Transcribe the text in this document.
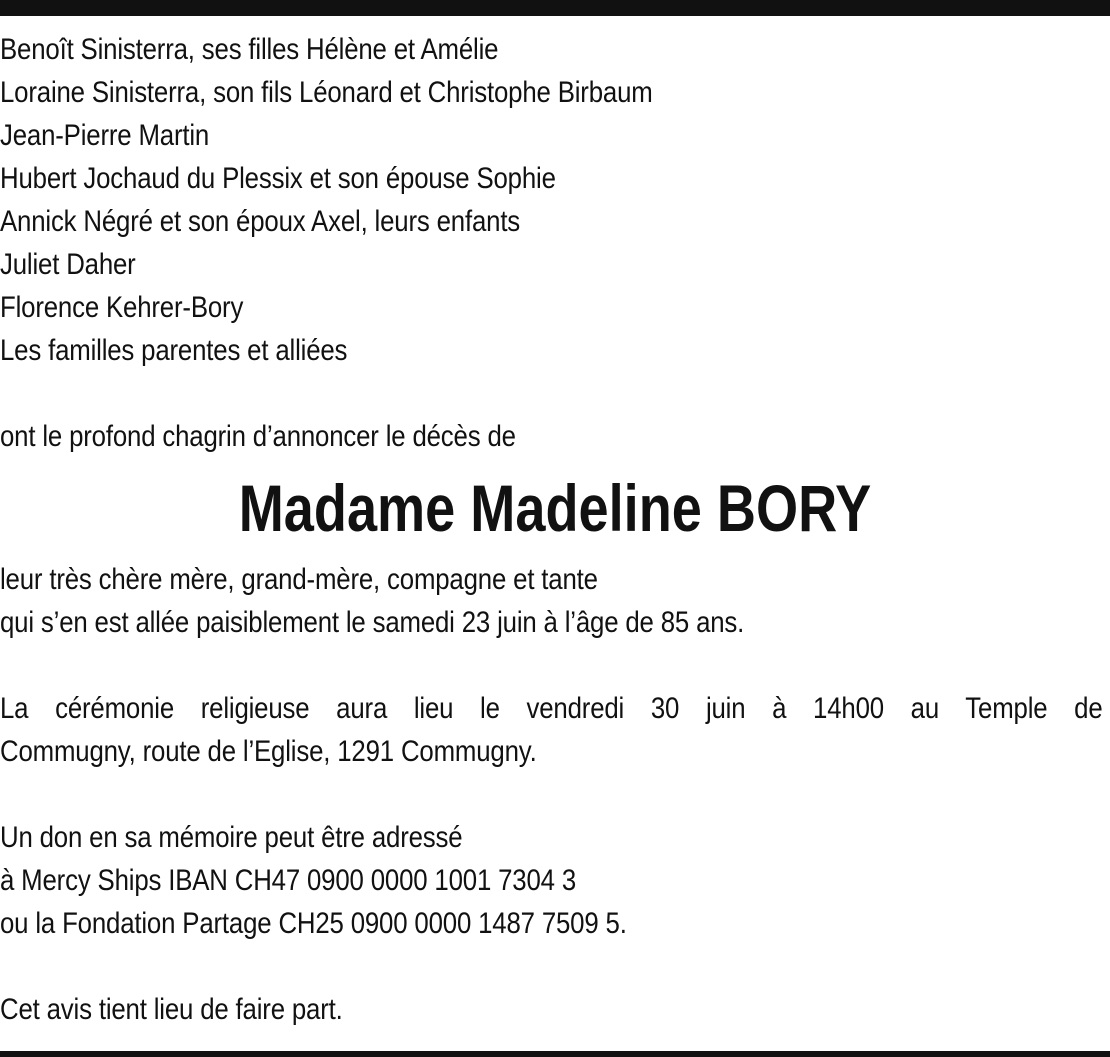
Benoît Sinisterra, ses filles Hélène et Amélie
Loraine Sinisterra, son fils Léonard et Christophe Birbaum
Jean-Pierre Martin
Hubert Jochaud du Plessix et son épouse Sophie
Annick Négré et son époux Axel, leurs enfants
Juliet Daher
Florence Kehrer-Bory
Les familles parentes et alliées
ont le profond chagrin d’annoncer le décès de
Madame Madeline BORY
leur très chère mère, grand-mère, compagne et tante
qui s’en est allée paisiblement le samedi 23 juin à l’âge de 85 ans.
La cérémonie religieuse aura lieu le vendredi 30 juin à 14h00 au Temple de
Commugny, route de l’Eglise, 1291 Commugny.
Un don en sa mémoire peut être adressé
à Mercy Ships IBAN CH47 0900 0000 1001 7304 3
ou la Fondation Partage CH25 0900 0000 1487 7509 5.
Cet avis tient lieu de faire part.
